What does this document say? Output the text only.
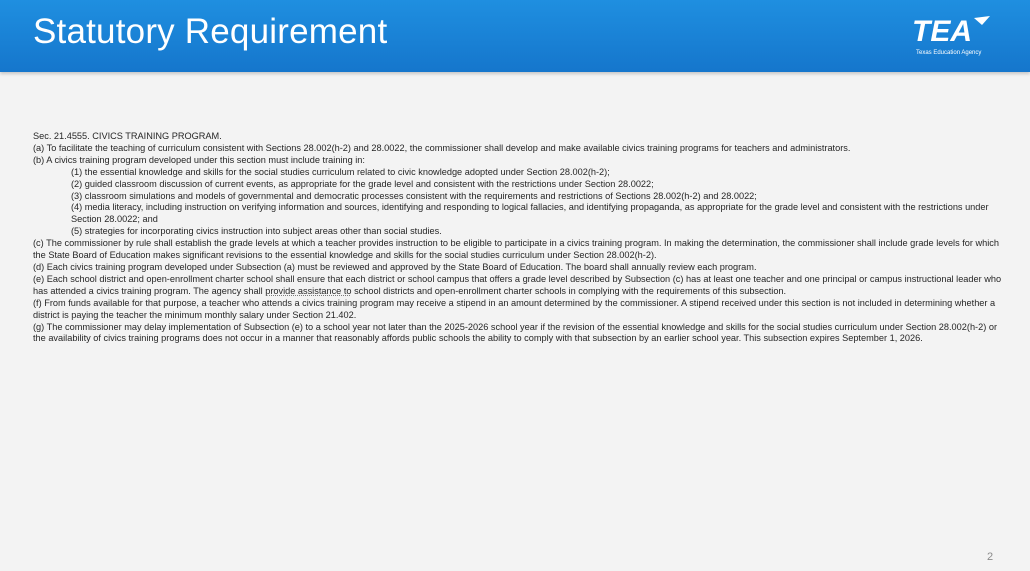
Statutory Requirement	TEA
Texas Education Agency

Sec. 21.4555. CIVICS TRAINING PROGRAM.

(a) To facilitate the teaching of curriculum consistent with Sections 28.002(h-2) and 28.0022, the commissioner shall develop and make available civics training programs for teachers and administrators.

(b) A civics training program developed under this section must include training in:

(1) the essential knowledge and skills for the social studies curriculum related to civic knowledge adopted under Section 28.002(h-2);

(2) guided classroom discussion of current events, as appropriate for the grade level and consistent with the restrictions under Section 28.0022;

(3) classroom simulations and models of governmental and democratic processes consistent with the requirements and restrictions of Sections 28.002(h-2) and 28.0022;

(4) media literacy, including instruction on verifying information and sources, identifying and responding to logical fallacies, and identifying propaganda, as appropriate for the grade level and consistent with the restrictions under Section 28.0022; and

(5) strategies for incorporating civics instruction into subject areas other than social studies.

(c) The commissioner by rule shall establish the grade levels at which a teacher provides instruction to be eligible to participate in a civics training program. In making the determination, the commissioner shall include grade levels for which the State Board of Education makes significant revisions to the essential knowledge and skills for the social studies curriculum under Section 28.002(h-2).

(d) Each civics training program developed under Subsection (a) must be reviewed and approved by the State Board of Education. The board shall annually review each program.

(e) Each school district and open-enrollment charter school shall ensure that each district or school campus that offers a grade level described by Subsection (c) has at least one teacher and one principal or campus instructional leader who has attended a civics training program. The agency shall provide assistance to school districts and open-enrollment charter schools in complying with the requirements of this subsection.

(f) From funds available for that purpose, a teacher who attends a civics training program may receive a stipend in an amount determined by the commissioner. A stipend received under this section is not included in determining whether a district is paying the teacher the minimum monthly salary under Section 21.402.

(g) The commissioner may delay implementation of Subsection (e) to a school year not later than the 2025-2026 school year if the revision of the essential knowledge and skills for the social studies curriculum under Section 28.002(h-2) or the availability of civics training programs does not occur in a manner that reasonably affords public schools the ability to comply with that subsection by an earlier school year. This subsection expires September 1, 2026.

2
